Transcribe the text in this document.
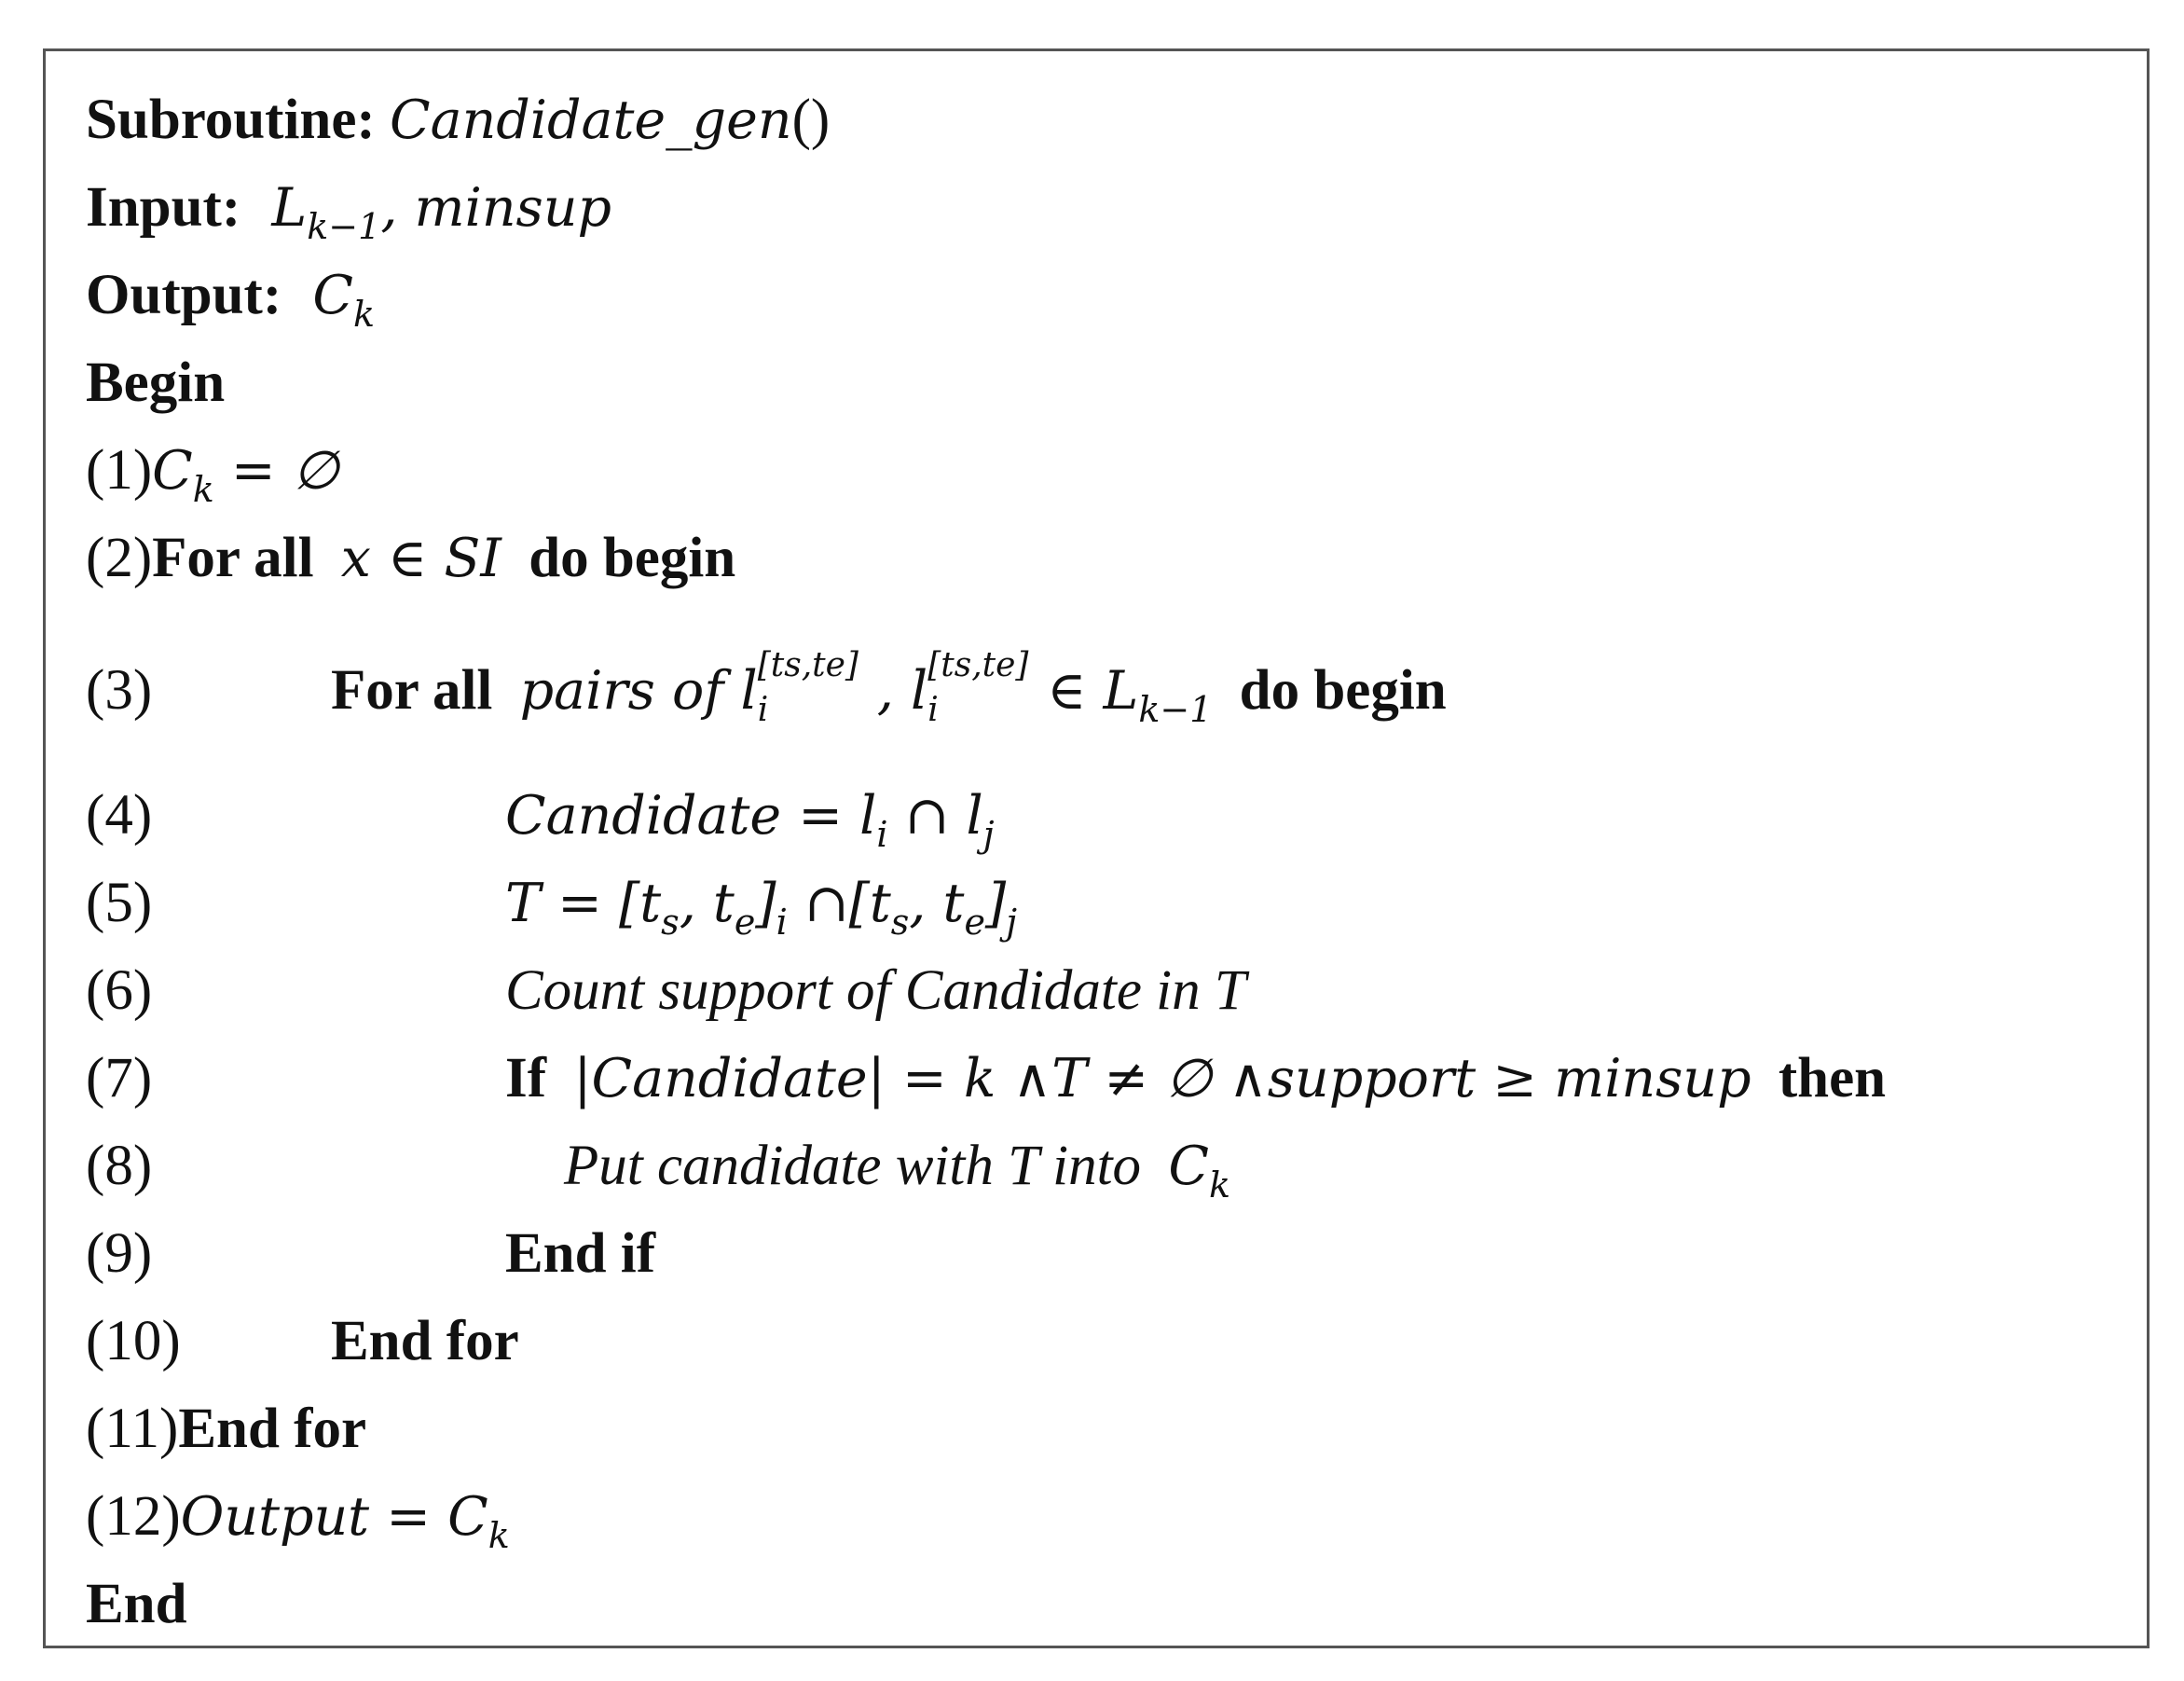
Subroutine: Candidate_gen()
Input: $L_{k-1}$, minsup
Output: $C_k$
Begin
$(1)C_k$ = ∅
(2)For all x ∈ SI do begin
(3)	For all pairs of l [ts,te]
i , l [ts,te]
i ∈ $L_{k-1}$ do begin
(4)	Candidate = $l_i$ ∩ $l_j$
(5)	$T = [t_s$, $t_e]_i$ $\cap[t_s$, $t_e]_j$
(6)	Count support of Candidate in T
(7)	If |Candidate| = k ∧T ≠ ∅ ∧support ≥ minsup then
(8)	Put candidate with T into $C_k$
(9)	End if
(10)	End for
(11)End for
(12)Output = $C_k$
End
